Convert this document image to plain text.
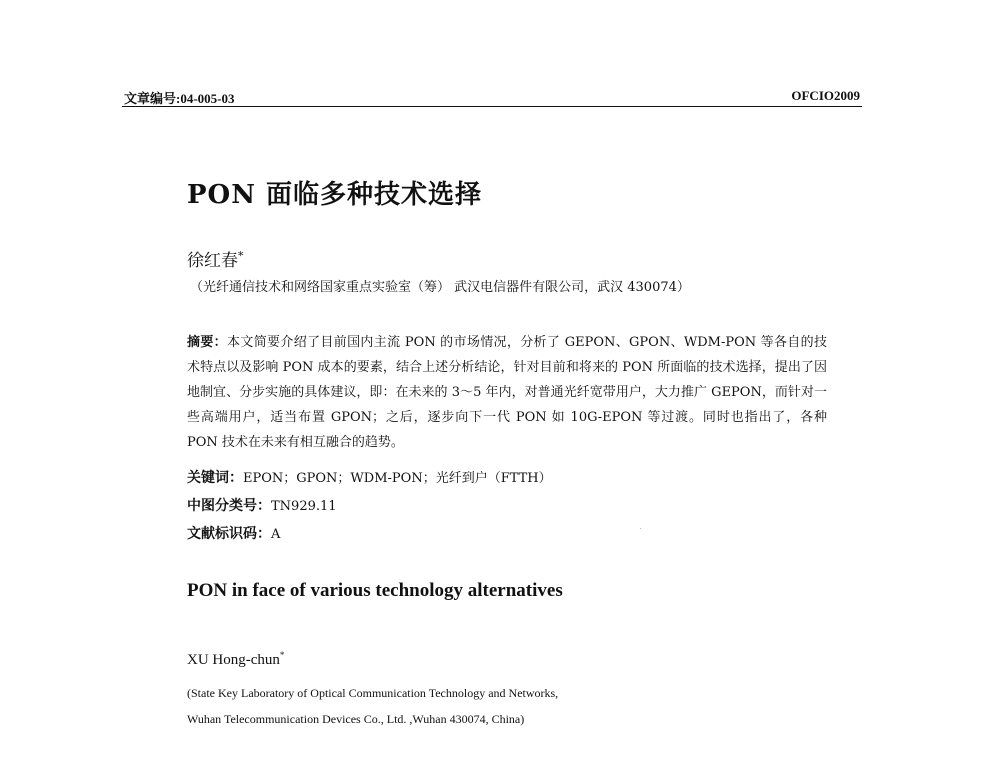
文章编号:04-005-03	OFCIO2009
PON 面临多种技术选择
徐红春*
（光纤通信技术和网络国家重点实验室（筹） 武汉电信器件有限公司，武汉 430074）
摘要：本文简要介绍了目前国内主流 PON 的市场情况，分析了 GEPON、GPON、WDM-PON 等各自的技术特点以及影响 PON 成本的要素，结合上述分析结论，针对目前和将来的 PON 所面临的技术选择，提出了因地制宜、分步实施的具体建议，即：在未来的 3～5 年内，对普通光纤宽带用户，大力推广 GEPON，而针对一些高端用户，适当布置 GPON；之后，逐步向下一代 PON 如 10G-EPON 等过渡。同时也指出了，各种 PON 技术在未来有相互融合的趋势。
关键词：EPON；GPON；WDM-PON；光纤到户（FTTH）
中图分类号：TN929.11
文献标识码：A
PON in face of various technology alternatives
XU Hong-chun*
(State Key Laboratory of Optical Communication Technology and Networks,
Wuhan Telecommunication Devices Co., Ltd. ,Wuhan 430074, China)
